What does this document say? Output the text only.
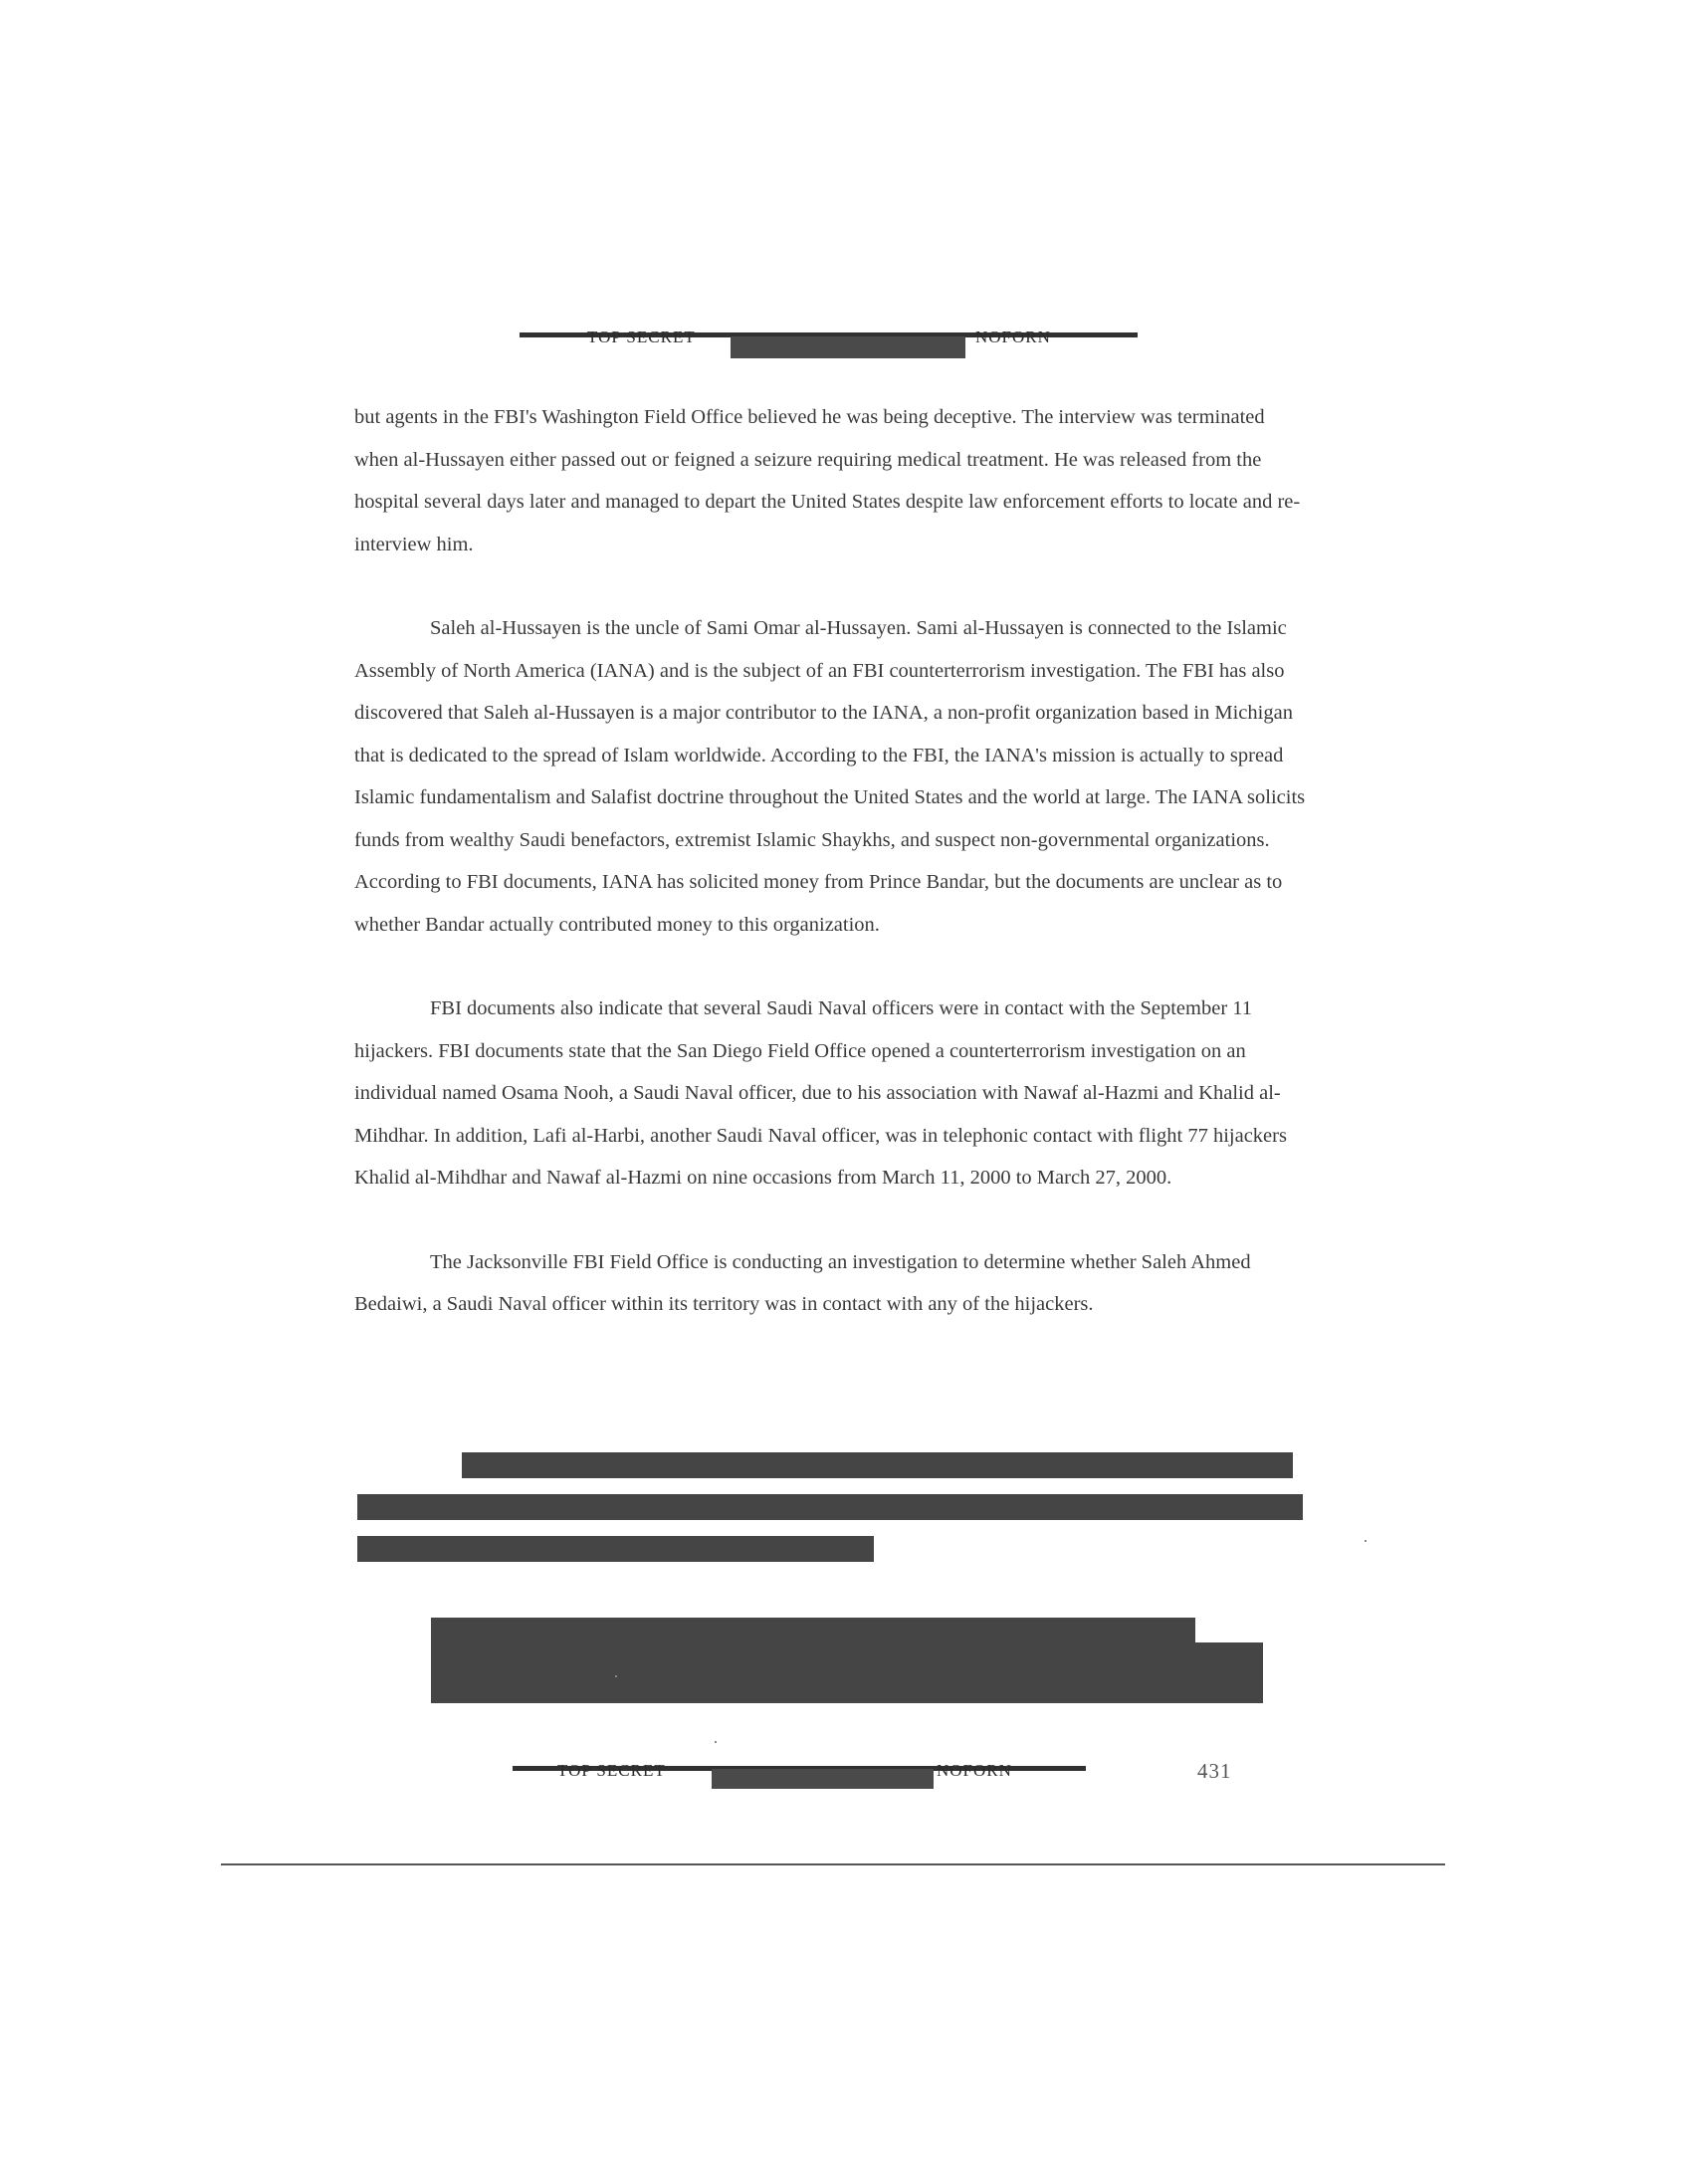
TOP SECRET	NOFORN

but agents in the FBI's Washington Field Office believed he was being deceptive. The interview was terminated when al-Hussayen either passed out or feigned a seizure requiring medical treatment. He was released from the hospital several days later and managed to depart the United States despite law enforcement efforts to locate and re-interview him.

Saleh al-Hussayen is the uncle of Sami Omar al-Hussayen. Sami al-Hussayen is connected to the Islamic Assembly of North America (IANA) and is the subject of an FBI counterterrorism investigation. The FBI has also discovered that Saleh al-Hussayen is a major contributor to the IANA, a non-profit organization based in Michigan that is dedicated to the spread of Islam worldwide. According to the FBI, the IANA's mission is actually to spread Islamic fundamentalism and Salafist doctrine throughout the United States and the world at large. The IANA solicits funds from wealthy Saudi benefactors, extremist Islamic Shaykhs, and suspect non-governmental organizations. According to FBI documents, IANA has solicited money from Prince Bandar, but the documents are unclear as to whether Bandar actually contributed money to this organization.

FBI documents also indicate that several Saudi Naval officers were in contact with the September 11 hijackers. FBI documents state that the San Diego Field Office opened a counterterrorism investigation on an individual named Osama Nooh, a Saudi Naval officer, due to his association with Nawaf al-Hazmi and Khalid al-Mihdhar. In addition, Lafi al-Harbi, another Saudi Naval officer, was in telephonic contact with flight 77 hijackers Khalid al-Mihdhar and Nawaf al-Hazmi on nine occasions from March 11, 2000 to March 27, 2000.

The Jacksonville FBI Field Office is conducting an investigation to determine whether Saleh Ahmed Bedaiwi, a Saudi Naval officer within its territory was in contact with any of the hijackers.

TOP SECRET	NOFORN	431
